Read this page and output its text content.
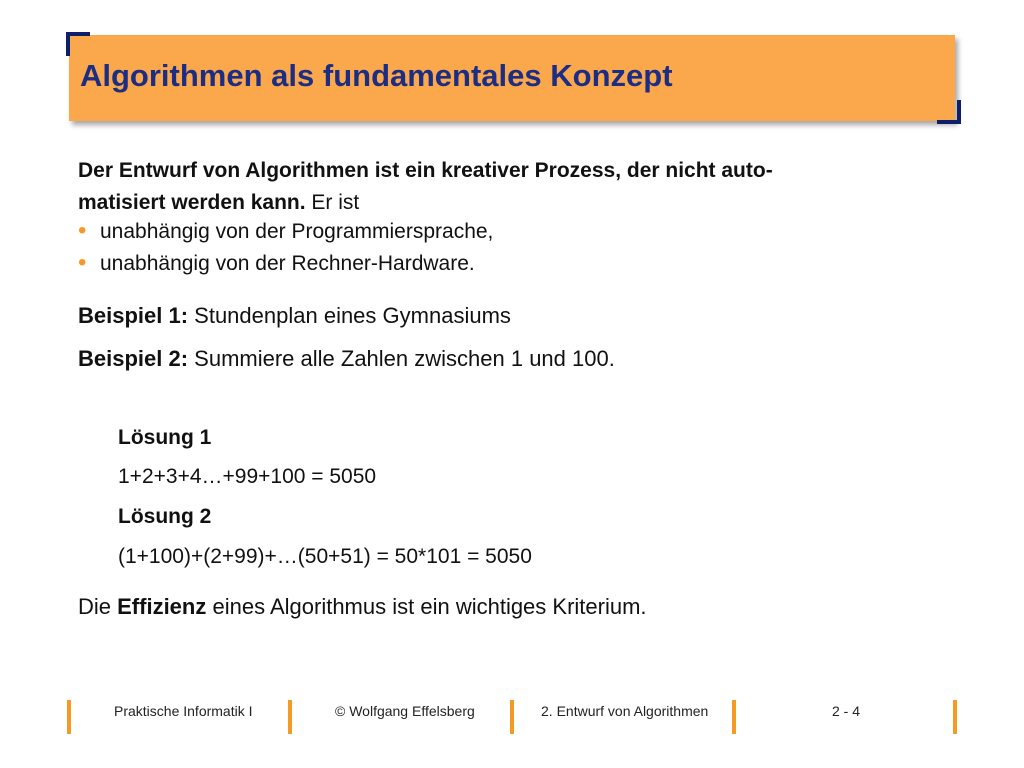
Algorithmen als fundamentales Konzept
Der Entwurf von Algorithmen ist ein kreativer Prozess, der nicht auto-
matisiert werden kann. Er ist
• unabhängig von der Programmiersprache,
• unabhängig von der Rechner-Hardware.
Beispiel 1: Stundenplan eines Gymnasiums
Beispiel 2: Summiere alle Zahlen zwischen 1 und 100.
Lösung 1
1+2+3+4…+99+100 = 5050
Lösung 2
(1+100)+(2+99)+…(50+51) = 50*101 = 5050
Die Effizienz eines Algorithmus ist ein wichtiges Kriterium.
Praktische Informatik I	© Wolfgang Effelsberg	2. Entwurf von Algorithmen	2 - 4
